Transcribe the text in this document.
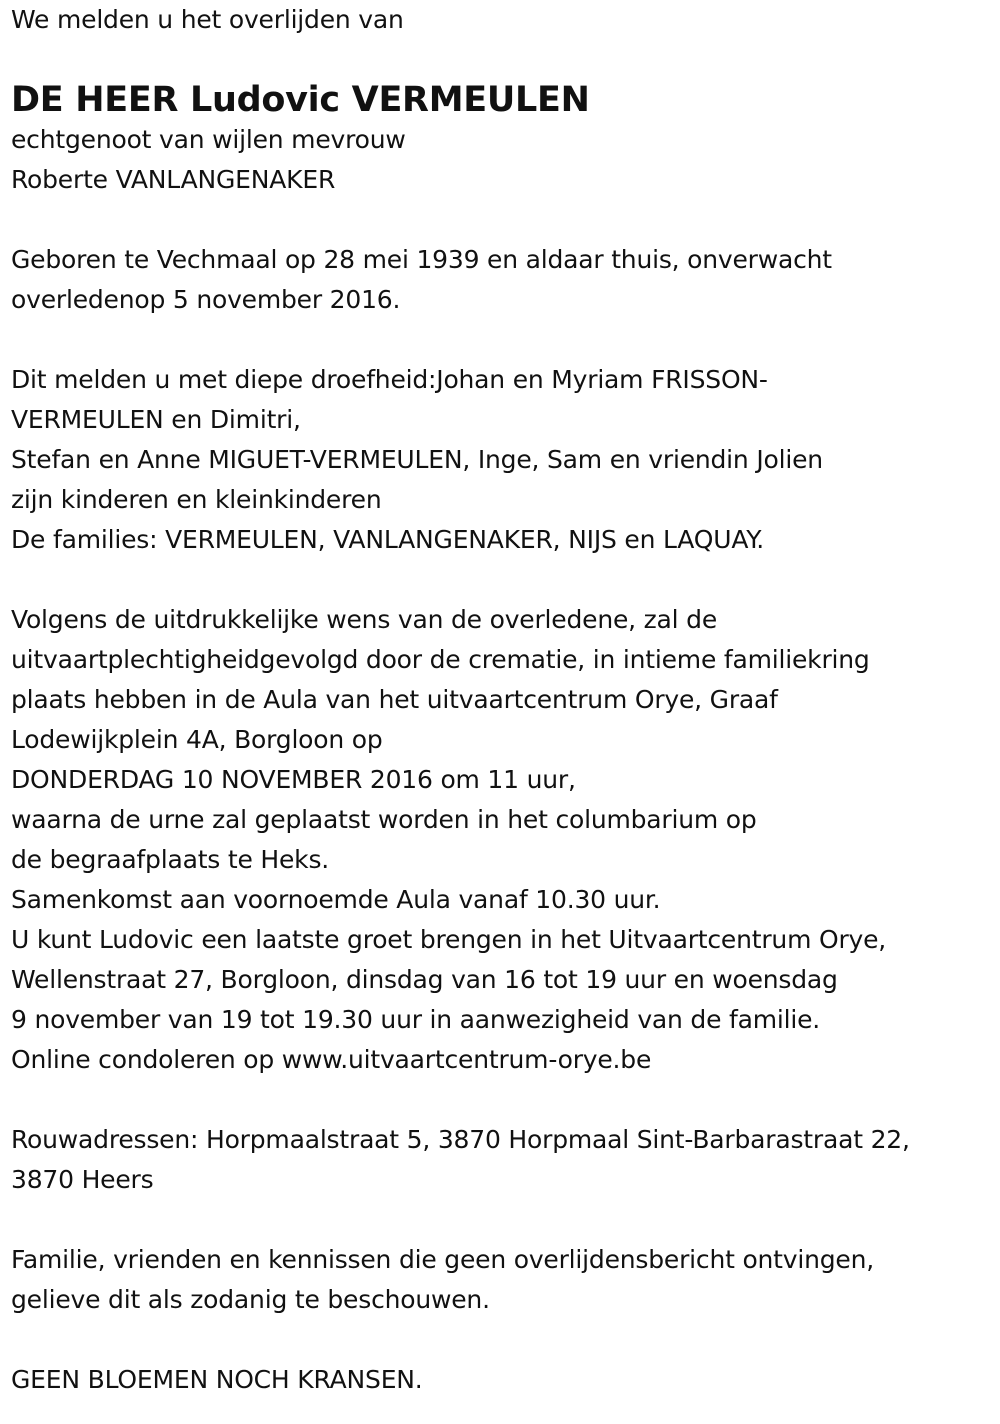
We melden u het overlijden van
DE HEER Ludovic VERMEULEN
echtgenoot van wijlen mevrouw
Roberte VANLANGENAKER
Geboren te Vechmaal op 28 mei 1939 en aldaar thuis, onverwacht
overledenop 5 november 2016.
Dit melden u met diepe droefheid:Johan en Myriam FRISSON-
VERMEULEN en Dimitri,
Stefan en Anne MIGUET-VERMEULEN, Inge, Sam en vriendin Jolien
zijn kinderen en kleinkinderen
De families: VERMEULEN, VANLANGENAKER, NIJS en LAQUAY.
Volgens de uitdrukkelijke wens van de overledene, zal de
uitvaartplechtigheidgevolgd door de crematie, in intieme familiekring
plaats hebben in de Aula van het uitvaartcentrum Orye, Graaf
Lodewijkplein 4A, Borgloon op
DONDERDAG 10 NOVEMBER 2016 om 11 uur,
waarna de urne zal geplaatst worden in het columbarium op
de begraafplaats te Heks.
Samenkomst aan voornoemde Aula vanaf 10.30 uur.
U kunt Ludovic een laatste groet brengen in het Uitvaartcentrum Orye,
Wellenstraat 27, Borgloon, dinsdag van 16 tot 19 uur en woensdag
9 november van 19 tot 19.30 uur in aanwezigheid van de familie.
Online condoleren op www.uitvaartcentrum-orye.be
Rouwadressen: Horpmaalstraat 5, 3870 Horpmaal Sint-Barbarastraat 22,
3870 Heers
Familie, vrienden en kennissen die geen overlijdensbericht ontvingen,
gelieve dit als zodanig te beschouwen.
GEEN BLOEMEN NOCH KRANSEN.
